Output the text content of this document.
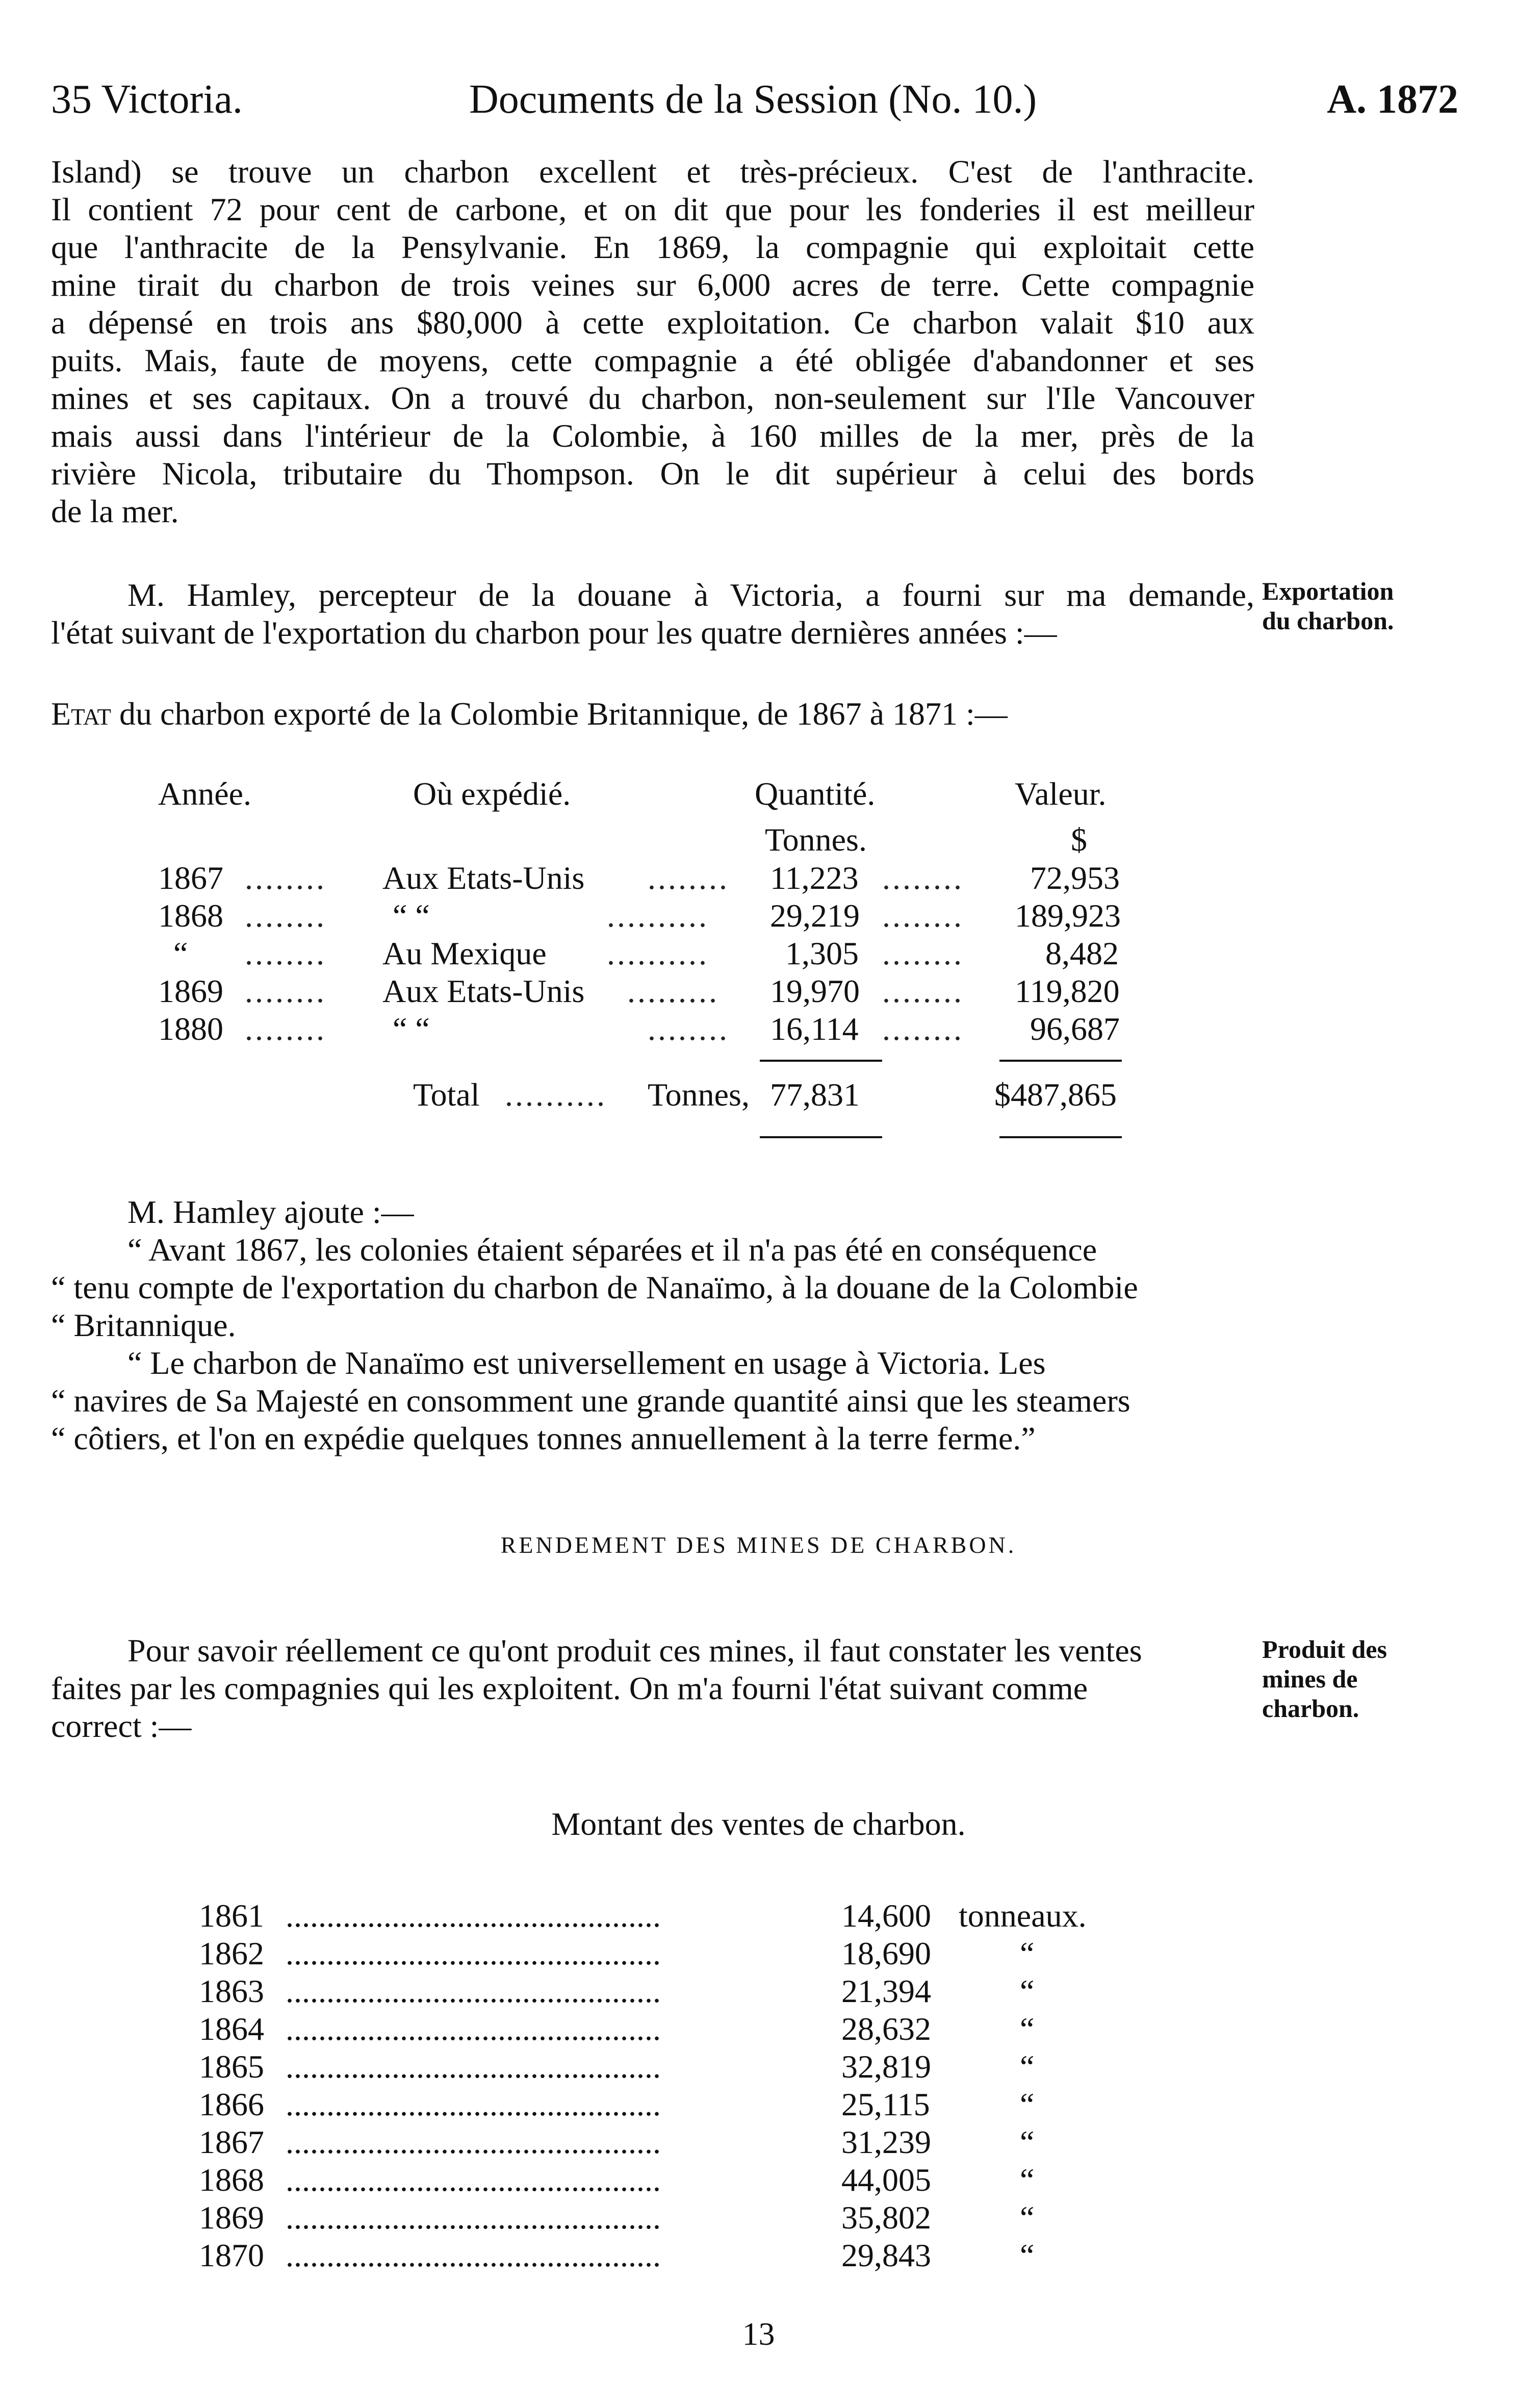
35 Victoria.	Documents de la Session (No. 10.)	A. 1872
Island) se trouve un charbon excellent et très-précieux. C'est de l'anthracite.
Il contient 72 pour cent de carbone, et on dit que pour les fonderies il est meilleur
que l'anthracite de la Pensylvanie. En 1869, la compagnie qui exploitait cette
mine tirait du charbon de trois veines sur 6,000 acres de terre. Cette compagnie
a dépensé en trois ans $80,000 à cette exploitation. Ce charbon valait $10 aux
puits. Mais, faute de moyens, cette compagnie a été obligée d'abandonner et ses
mines et ses capitaux. On a trouvé du charbon, non-seulement sur l'Ile Vancouver
mais aussi dans l'intérieur de la Colombie, à 160 milles de la mer, près de la
rivière Nicola, tributaire du Thompson. On le dit supérieur à celui des bords
de la mer.
M. Hamley, percepteur de la douane à Victoria, a fourni sur ma demande,
l'état suivant de l'exportation du charbon pour les quatre dernières années :—
Exportation
du charbon.
Etat du charbon exporté de la Colombie Britannique, de 1867 à 1871 :—
Année.	Où expédié.	Quantité.	Valeur.
Tonnes.	$
1867 ........ Aux Etats-Unis ........ 11,223 ........ 72,953
1868 ........ “ “	.......... 29,219 ........ 189,923
“ ........ Au Mexique .......... 1,305 ........	8,482
1869 ........ Aux Etats-Unis ......... 19,970 ........ 119,820
1880 ........ “ “	........ 16,114 ........ 96,687
Total .......... Tonnes, 77,831	$487,865
M. Hamley ajoute :—
“ Avant 1867, les colonies étaient séparées et il n'a pas été en conséquence
“ tenu compte de l'exportation du charbon de Nanaïmo, à la douane de la Colombie
“ Britannique.
“ Le charbon de Nanaïmo est universellement en usage à Victoria. Les
“ navires de Sa Majesté en consomment une grande quantité ainsi que les steamers
“ côtiers, et l'on en expédie quelques tonnes annuellement à la terre ferme.”
RENDEMENT DES MINES DE CHARBON.
Pour savoir réellement ce qu'ont produit ces mines, il faut constater les ventes
faites par les compagnies qui les exploitent. On m'a fourni l'état suivant comme
correct :—
Produit des
mines de
charbon.
Montant des ventes de charbon.
1861 ..............................................	14,600 tonneaux.
1862 ..............................................	18,690	“
1863 ..............................................	21,394	“
1864 ..............................................	28,632	“
1865 ..............................................	32,819	“
1866 ..............................................	25,115	“
1867 ..............................................	31,239	“
1868 ..............................................	44,005	“
1869 ..............................................	35,802	“
1870 ..............................................	29,843	“
13
